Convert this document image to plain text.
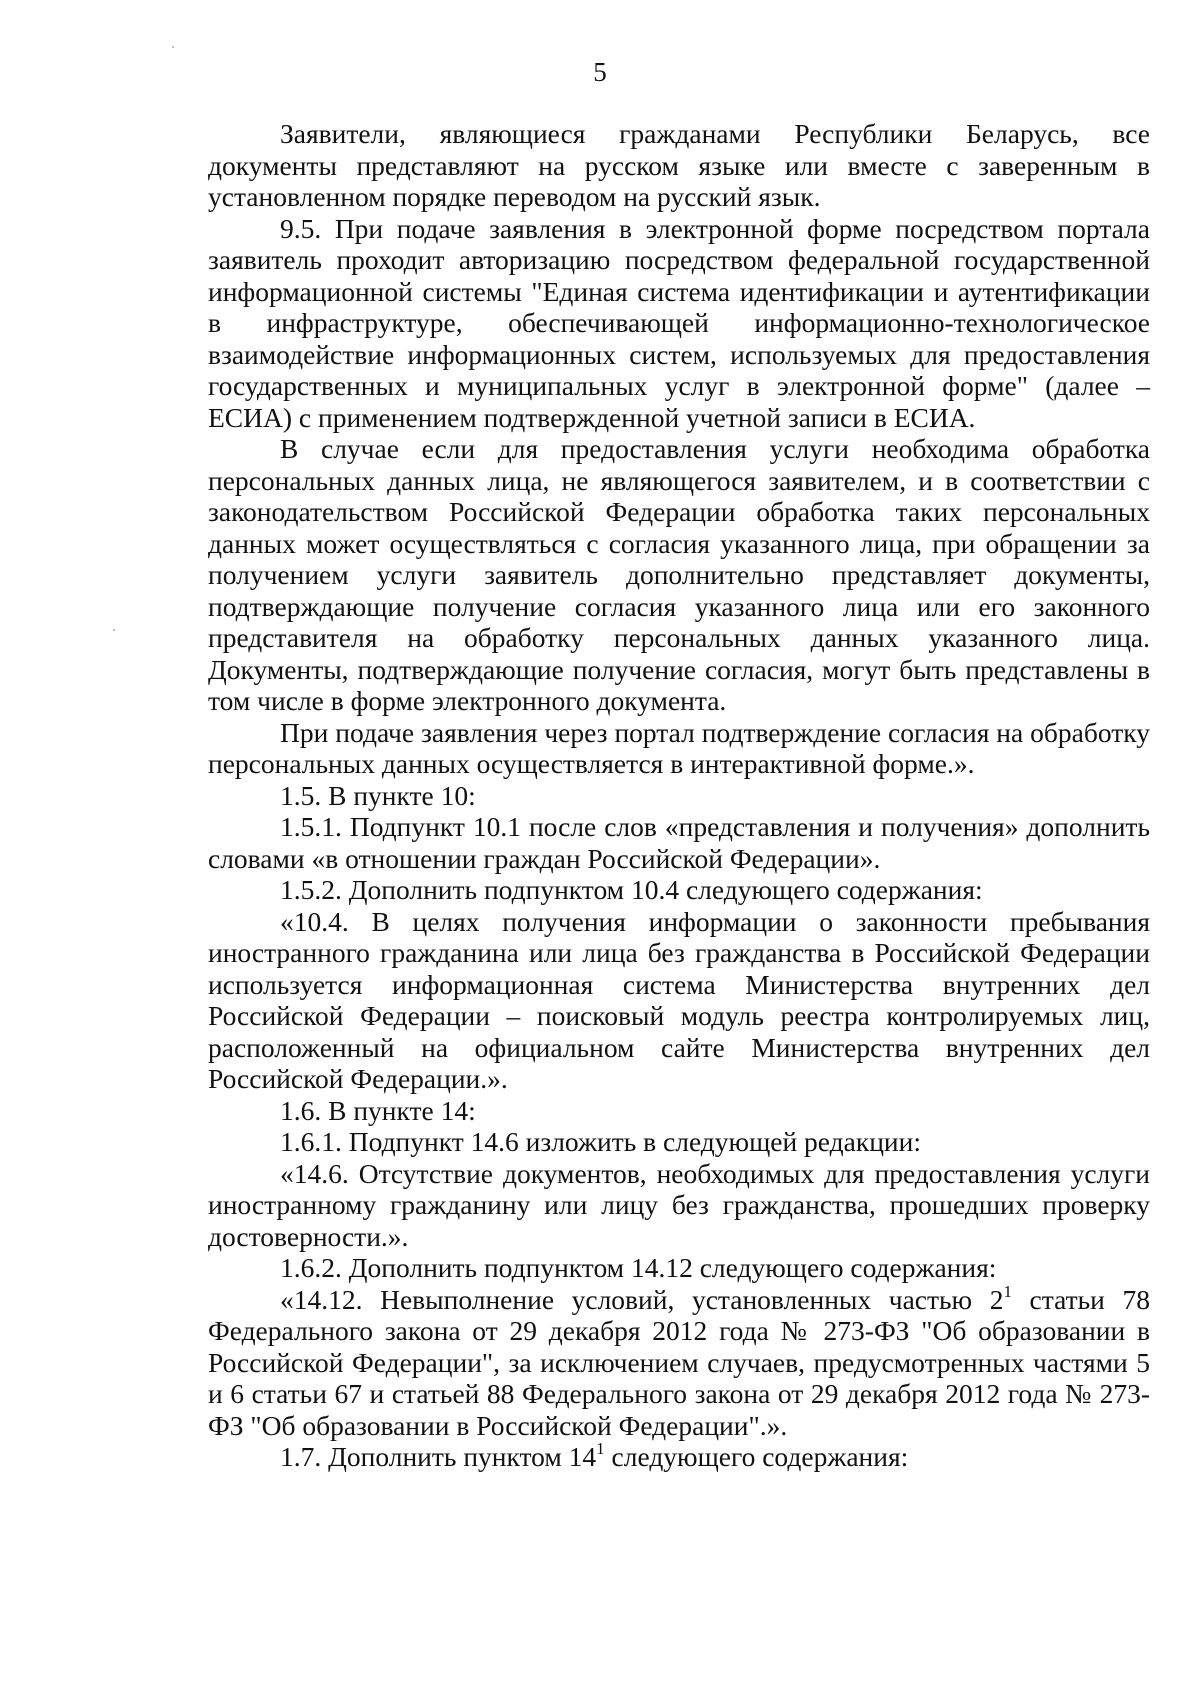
5

Заявители, являющиеся гражданами Республики Беларусь, все документы представляют на русском языке или вместе с заверенным в установленном порядке переводом на русский язык.

9.5. При подаче заявления в электронной форме посредством портала заявитель проходит авторизацию посредством федеральной государственной информационной системы "Единая система идентификации и аутентификации в инфраструктуре, обеспечивающей информационно-технологическое взаимодействие информационных систем, используемых для предоставления государственных и муниципальных услуг в электронной форме" (далее – ЕСИА) с применением подтвержденной учетной записи в ЕСИА.

В случае если для предоставления услуги необходима обработка персональных данных лица, не являющегося заявителем, и в соответствии с законодательством Российской Федерации обработка таких персональных данных может осуществляться с согласия указанного лица, при обращении за получением услуги заявитель дополнительно представляет документы, подтверждающие получение согласия указанного лица или его законного представителя на обработку персональных данных указанного лица. Документы, подтверждающие получение согласия, могут быть представлены в том числе в форме электронного документа.

При подаче заявления через портал подтверждение согласия на обработку персональных данных осуществляется в интерактивной форме.».

1.5. В пункте 10:

1.5.1. Подпункт 10.1 после слов «представления и получения» дополнить словами «в отношении граждан Российской Федерации».

1.5.2. Дополнить подпунктом 10.4 следующего содержания:

«10.4. В целях получения информации о законности пребывания иностранного гражданина или лица без гражданства в Российской Федерации используется информационная система Министерства внутренних дел Российской Федерации – поисковый модуль реестра контролируемых лиц, расположенный на официальном сайте Министерства внутренних дел Российской Федерации.».

1.6. В пункте 14:

1.6.1. Подпункт 14.6 изложить в следующей редакции:

«14.6. Отсутствие документов, необходимых для предоставления услуги иностранному гражданину или лицу без гражданства, прошедших проверку достоверности.».

1.6.2. Дополнить подпунктом 14.12 следующего содержания:

«14.12. Невыполнение условий, установленных частью $2^1$ статьи 78 Федерального закона от 29 декабря 2012 года № 273-ФЗ "Об образовании в Российской Федерации", за исключением случаев, предусмотренных частями 5 и 6 статьи 67 и статьей 88 Федерального закона от 29 декабря 2012 года № 273-ФЗ "Об образовании в Российской Федерации".».

1.7. Дополнить пунктом $14^1$ следующего содержания:
